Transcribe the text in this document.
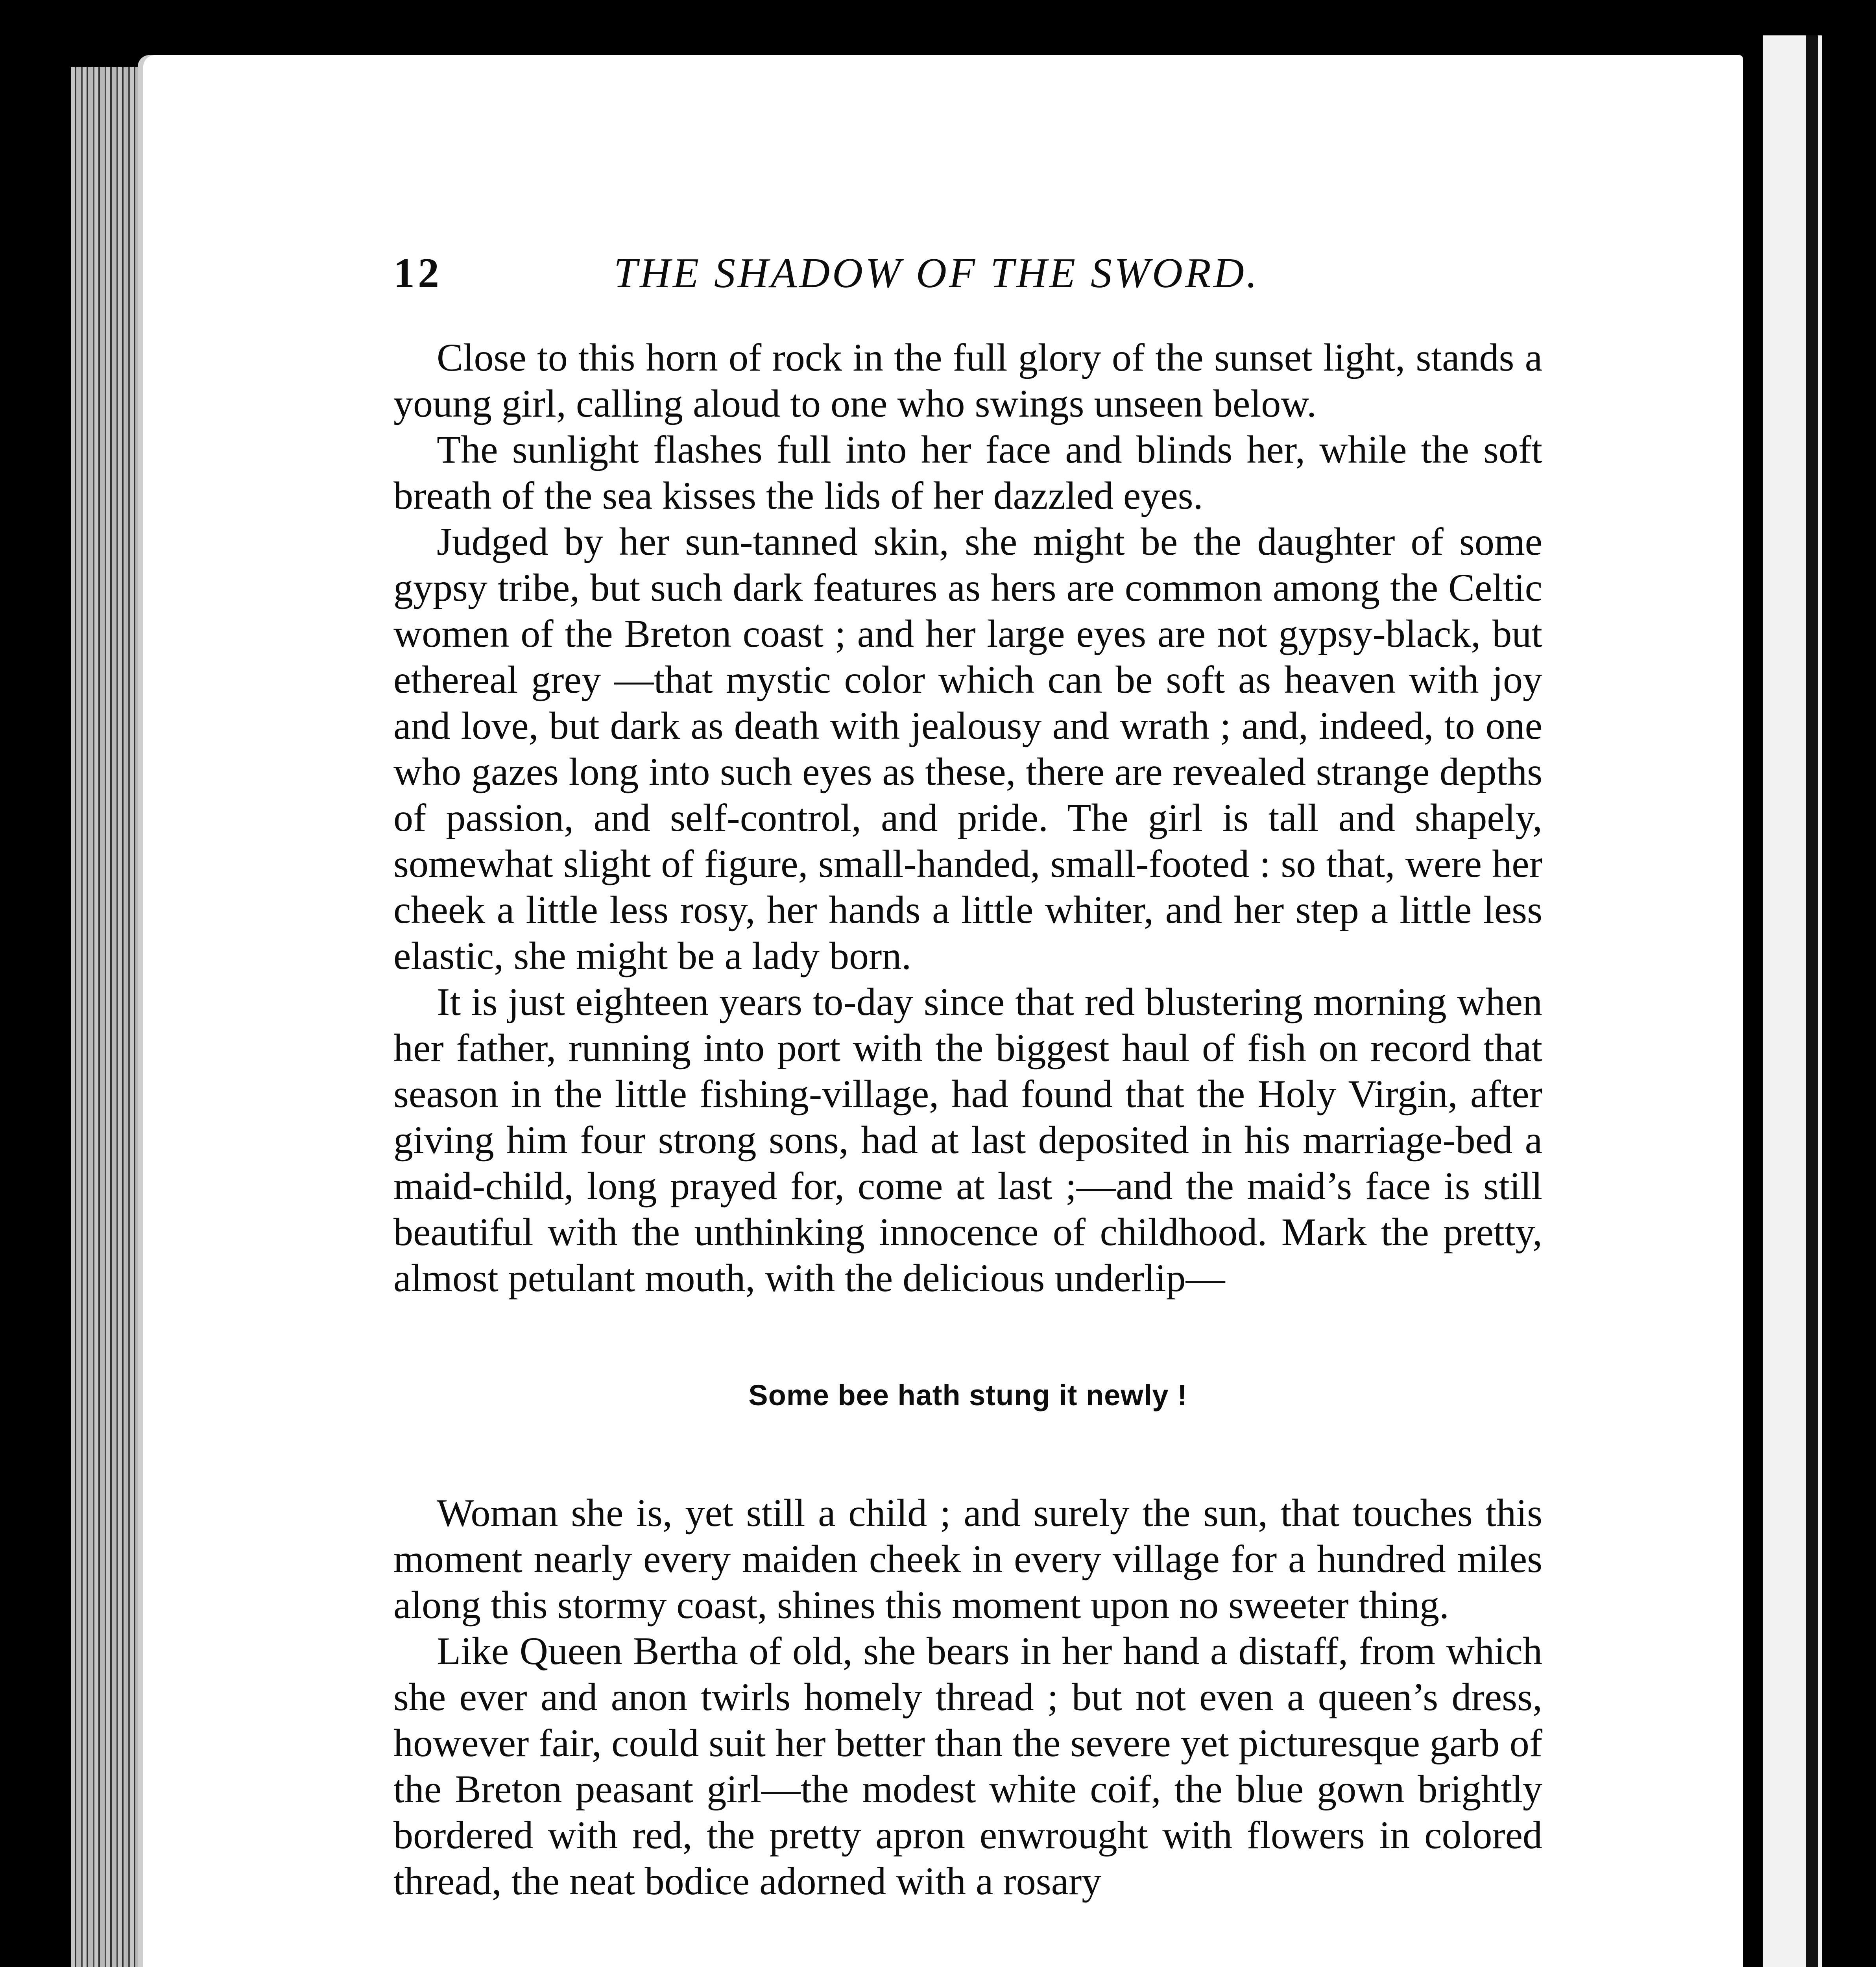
12	THE SHADOW OF THE SWORD.

Close to this horn of rock in the full glory of the sunset light, stands a young girl, calling aloud to one who swings unseen below.

The sunlight flashes full into her face and blinds her, while the soft breath of the sea kisses the lids of her dazzled eyes.

Judged by her sun-tanned skin, she might be the daughter of some gypsy tribe, but such dark features as hers are common among the Celtic women of the Breton coast ; and her large eyes are not gypsy-black, but ethereal grey —that mystic color which can be soft as heaven with joy and love, but dark as death with jealousy and wrath ; and, indeed, to one who gazes long into such eyes as these, there are revealed strange depths of passion, and self-control, and pride. The girl is tall and shapely, somewhat slight of figure, small-handed, small-footed : so that, were her cheek a little less rosy, her hands a little whiter, and her step a little less elastic, she might be a lady born.

It is just eighteen years to-day since that red blustering morning when her father, running into port with the biggest haul of fish on record that season in the little fishing-village, had found that the Holy Virgin, after giving him four strong sons, had at last deposited in his marriage-bed a maid-child, long prayed for, come at last ;—and the maid’s face is still beautiful with the unthinking innocence of childhood. Mark the pretty, almost petulant mouth, with the delicious underlip—

Some bee hath stung it newly !

Woman she is, yet still a child ; and surely the sun, that touches this moment nearly every maiden cheek in every village for a hundred miles along this stormy coast, shines this moment upon no sweeter thing.

Like Queen Bertha of old, she bears in her hand a distaff, from which she ever and anon twirls homely thread ; but not even a queen’s dress, however fair, could suit her better than the severe yet picturesque garb of the Breton peasant girl—the modest white coif, the blue gown brightly bordered with red, the pretty apron enwrought with flowers in colored thread, the neat bodice adorned with a rosary
